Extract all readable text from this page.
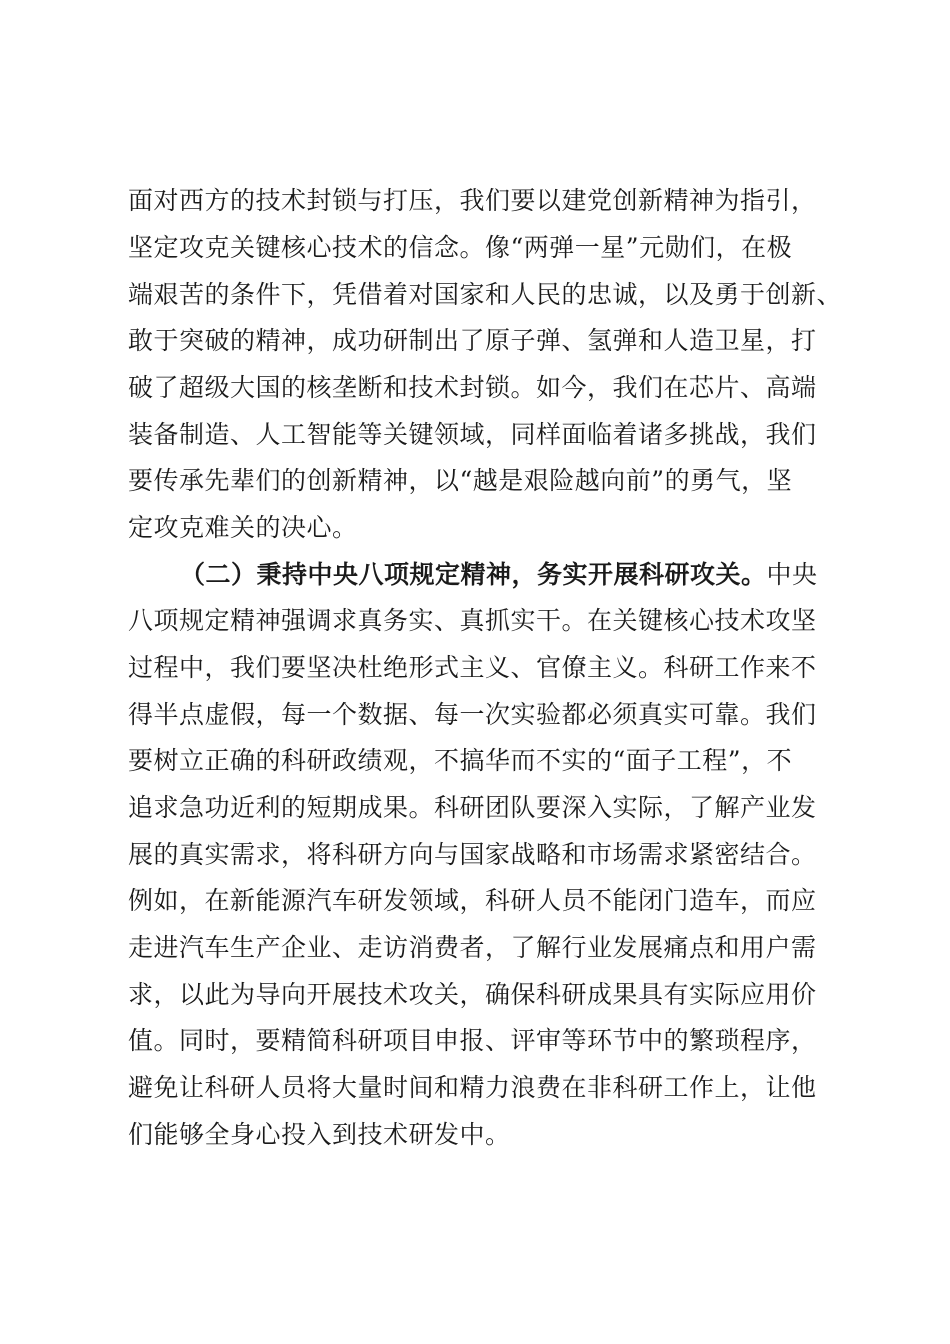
面对西方的技术封锁与打压，我们要以建党创新精神为指引，
坚定攻克关键核心技术的信念。像“两弹一星”元勋们，在极
端艰苦的条件下，凭借着对国家和人民的忠诚，以及勇于创新、
敢于突破的精神，成功研制出了原子弹、氢弹和人造卫星，打
破了超级大国的核垄断和技术封锁。如今，我们在芯片、高端
装备制造、人工智能等关键领域，同样面临着诸多挑战，我们
要传承先辈们的创新精神，以“越是艰险越向前”的勇气，坚
定攻克难关的决心。
（二）秉持中央八项规定精神，务实开展科研攻关。中央
八项规定精神强调求真务实、真抓实干。在关键核心技术攻坚
过程中，我们要坚决杜绝形式主义、官僚主义。科研工作来不
得半点虚假，每一个数据、每一次实验都必须真实可靠。我们
要树立正确的科研政绩观，不搞华而不实的“面子工程”，不
追求急功近利的短期成果。科研团队要深入实际，了解产业发
展的真实需求，将科研方向与国家战略和市场需求紧密结合。
例如，在新能源汽车研发领域，科研人员不能闭门造车，而应
走进汽车生产企业、走访消费者，了解行业发展痛点和用户需
求，以此为导向开展技术攻关，确保科研成果具有实际应用价
值。同时，要精简科研项目申报、评审等环节中的繁琐程序，
避免让科研人员将大量时间和精力浪费在非科研工作上，让他
们能够全身心投入到技术研发中。
